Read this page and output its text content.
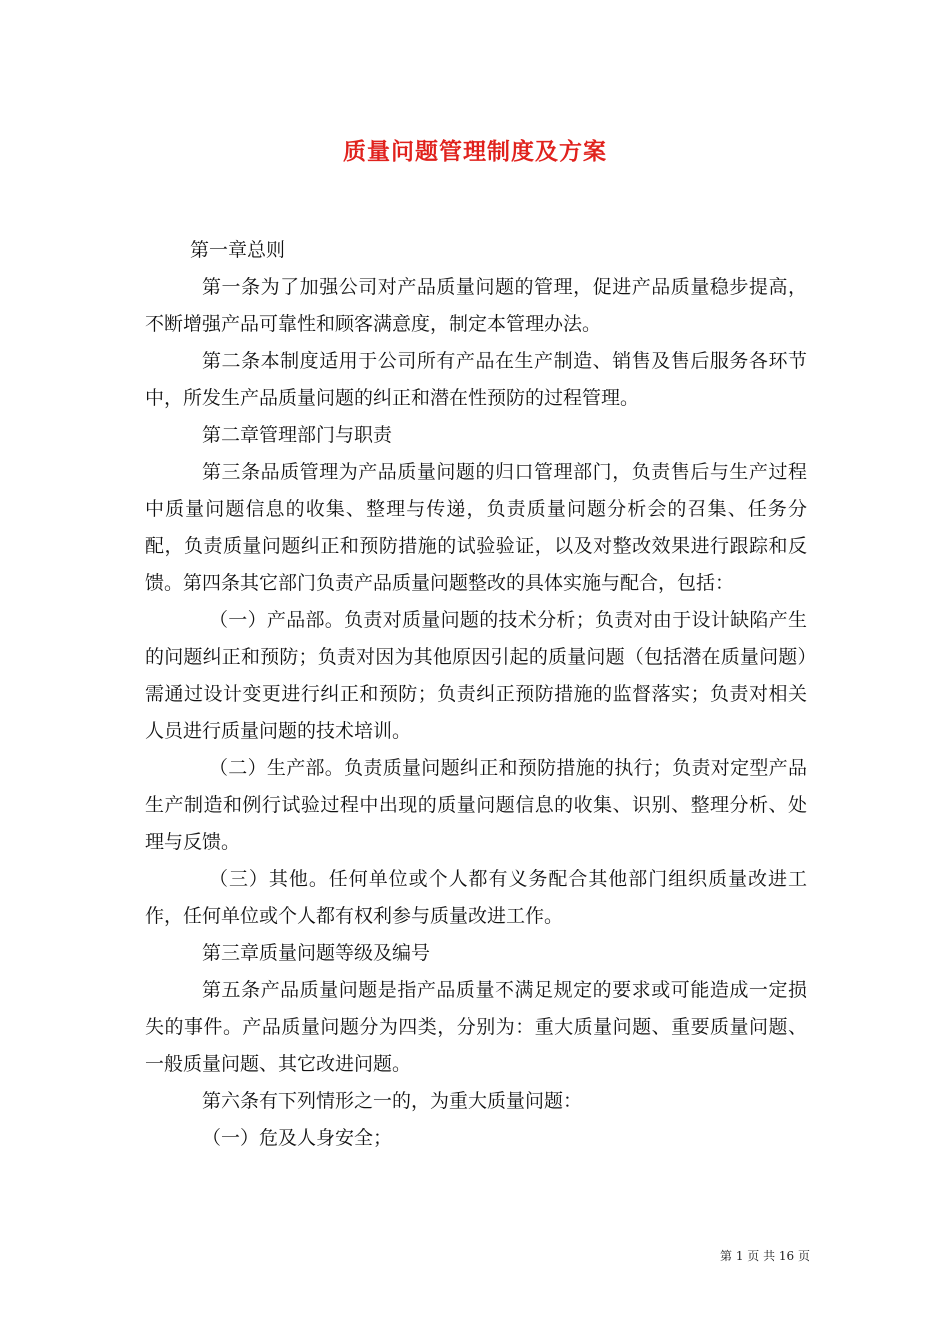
质量问题管理制度及方案

第一章总则

第一条为了加强公司对产品质量问题的管理，促进产品质量稳步提高，不断增强产品可靠性和顾客满意度，制定本管理办法。

第二条本制度适用于公司所有产品在生产制造、销售及售后服务各环节中，所发生产品质量问题的纠正和潜在性预防的过程管理。

第二章管理部门与职责

第三条品质管理为产品质量问题的归口管理部门，负责售后与生产过程中质量问题信息的收集、整理与传递，负责质量问题分析会的召集、任务分配，负责质量问题纠正和预防措施的试验验证，以及对整改效果进行跟踪和反馈。第四条其它部门负责产品质量问题整改的具体实施与配合，包括：

（一）产品部。负责对质量问题的技术分析；负责对由于设计缺陷产生的问题纠正和预防；负责对因为其他原因引起的质量问题（包括潜在质量问题）需通过设计变更进行纠正和预防；负责纠正预防措施的监督落实；负责对相关人员进行质量问题的技术培训。

（二）生产部。负责质量问题纠正和预防措施的执行；负责对定型产品生产制造和例行试验过程中出现的质量问题信息的收集、识别、整理分析、处理与反馈。

（三）其他。任何单位或个人都有义务配合其他部门组织质量改进工作，任何单位或个人都有权利参与质量改进工作。

第三章质量问题等级及编号

第五条产品质量问题是指产品质量不满足规定的要求或可能造成一定损失的事件。产品质量问题分为四类，分别为：重大质量问题、重要质量问题、一般质量问题、其它改进问题。

第六条有下列情形之一的，为重大质量问题：

（一）危及人身安全；

第 1 页 共 16 页
